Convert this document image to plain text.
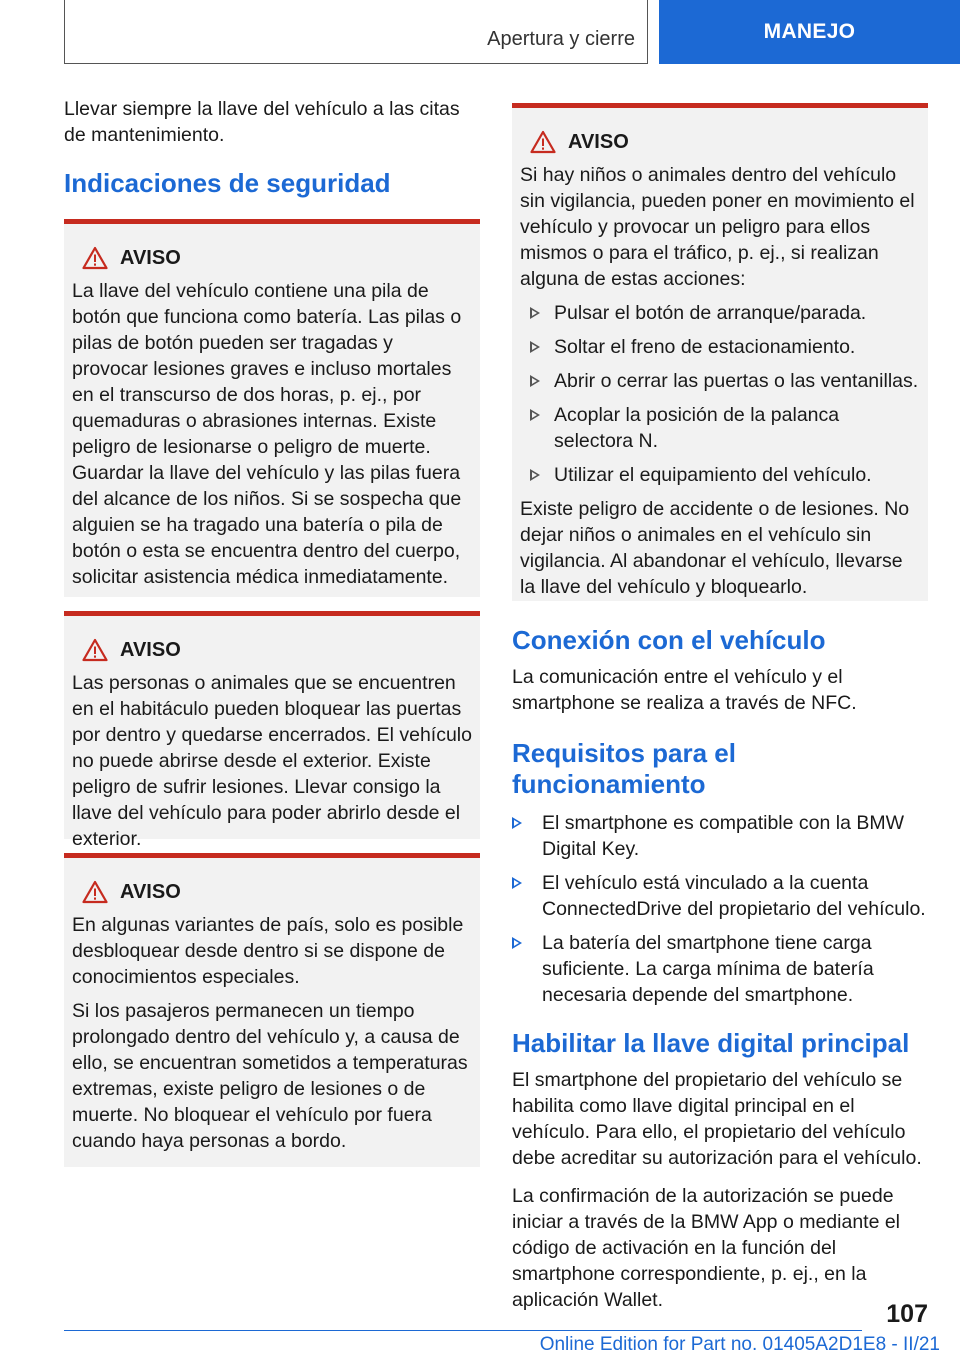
Apertura y cierre	MANEJO

Llevar siempre la llave del vehículo a las citas de mantenimiento.

Indicaciones de seguridad
AVISO

La llave del vehículo contiene una pila de botón que funciona como batería. Las pilas o pilas de botón pueden ser tragadas y provocar lesiones graves e incluso mortales en el transcurso de dos horas, p. ej., por quemaduras o abrasiones internas. Existe peligro de lesionarse o peligro de muerte. Guardar la llave del vehículo y las pilas fuera del alcance de los niños. Si se sospecha que alguien se ha tragado una batería o pila de botón o esta se encuentra dentro del cuerpo, solicitar asistencia médica inmediatamente.

AVISO

Las personas o animales que se encuentren en el habitáculo pueden bloquear las puertas por dentro y quedarse encerrados. El vehículo no puede abrirse desde el exterior. Existe peligro de sufrir lesiones. Llevar consigo la llave del vehículo para poder abrirlo desde el exterior.

AVISO

En algunas variantes de país, solo es posible desbloquear desde dentro si se dispone de conocimientos especiales.

Si los pasajeros permanecen un tiempo prolongado dentro del vehículo y, a causa de ello, se encuentran sometidos a temperaturas extremas, existe peligro de lesiones o de muerte. No bloquear el vehículo por fuera cuando haya personas a bordo.

AVISO

Si hay niños o animales dentro del vehículo sin vigilancia, pueden poner en movimiento el vehículo y provocar un peligro para ellos mismos o para el tráfico, p. ej., si realizan alguna de estas acciones:

Pulsar el botón de arranque/parada.
Soltar el freno de estacionamiento.
Abrir o cerrar las puertas o las ventanillas.
Acoplar la posición de la palanca selectora N.
Utilizar el equipamiento del vehículo.

Existe peligro de accidente o de lesiones. No dejar niños o animales en el vehículo sin vigilancia. Al abandonar el vehículo, llevarse la llave del vehículo y bloquearlo.

Conexión con el vehículo

La comunicación entre el vehículo y el smartphone se realiza a través de NFC.

Requisitos para el funcionamiento
El smartphone es compatible con la BMW Digital Key.
El vehículo está vinculado a la cuenta ConnectedDrive del propietario del vehículo.
La batería del smartphone tiene carga suficiente. La carga mínima de batería necesaria depende del smartphone.
Habilitar la llave digital principal

El smartphone del propietario del vehículo se habilita como llave digital principal en el vehículo. Para ello, el propietario del vehículo debe acreditar su autorización para el vehículo.

La confirmación de la autorización se puede iniciar a través de la BMW App o mediante el código de activación en la función del smartphone correspondiente, p. ej., en la aplicación Wallet.	107
Online Edition for Part no. 01405A2D1E8 - II/21
